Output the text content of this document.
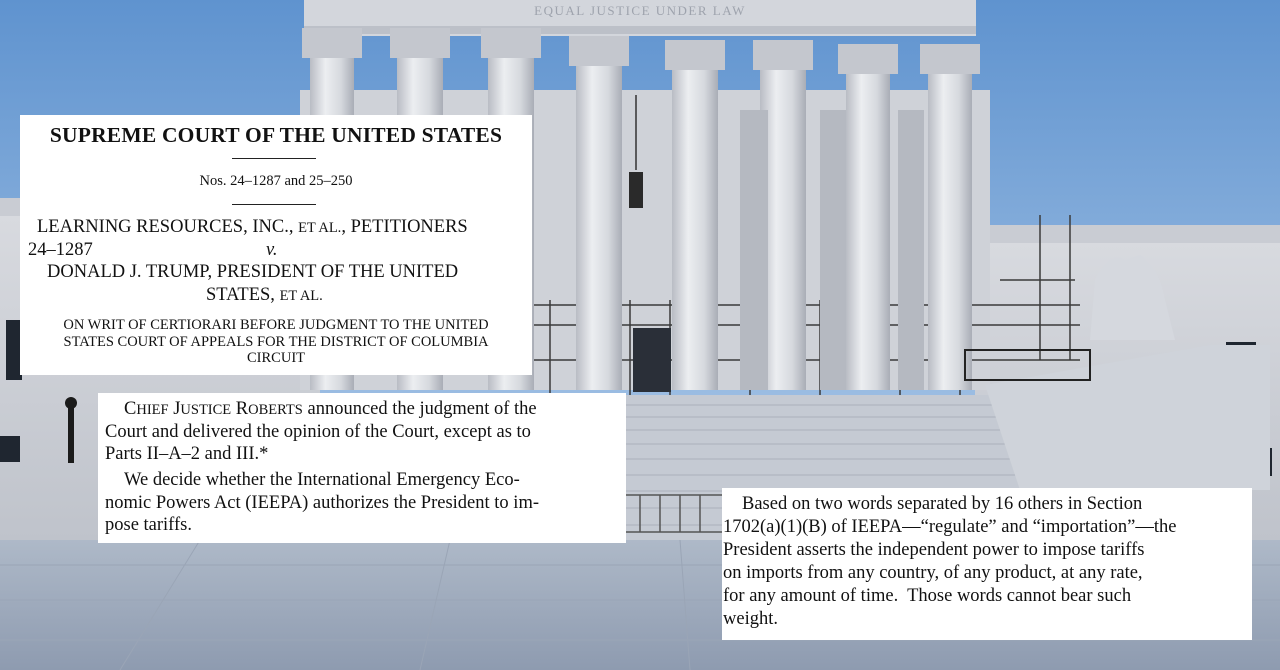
EQUAL JUSTICE UNDER LAW
SUPREME COURT OF THE UNITED STATES
Nos. 24–1287 and 25–250
LEARNING RESOURCES, INC., ET AL., PETITIONERS
24–1287	v.
DONALD J. TRUMP, PRESIDENT OF THE UNITED
STATES, ET AL.
ON WRIT OF CERTIORARI BEFORE JUDGMENT TO THE UNITED
STATES COURT OF APPEALS FOR THE DISTRICT OF COLUMBIA
CIRCUIT
CHIEF JUSTICE ROBERTS announced the judgment of the
Court and delivered the opinion of the Court, except as to
Parts II–A–2 and III.*
We decide whether the International Emergency Eco-
nomic Powers Act (IEEPA) authorizes the President to im-
pose tariffs.
Based on two words separated by 16 others in Section
1702(a)(1)(B) of IEEPA—“regulate” and “importation”—the
President asserts the independent power to impose tariffs
on imports from any country, of any product, at any rate,
for any amount of time.  Those words cannot bear such
weight.
